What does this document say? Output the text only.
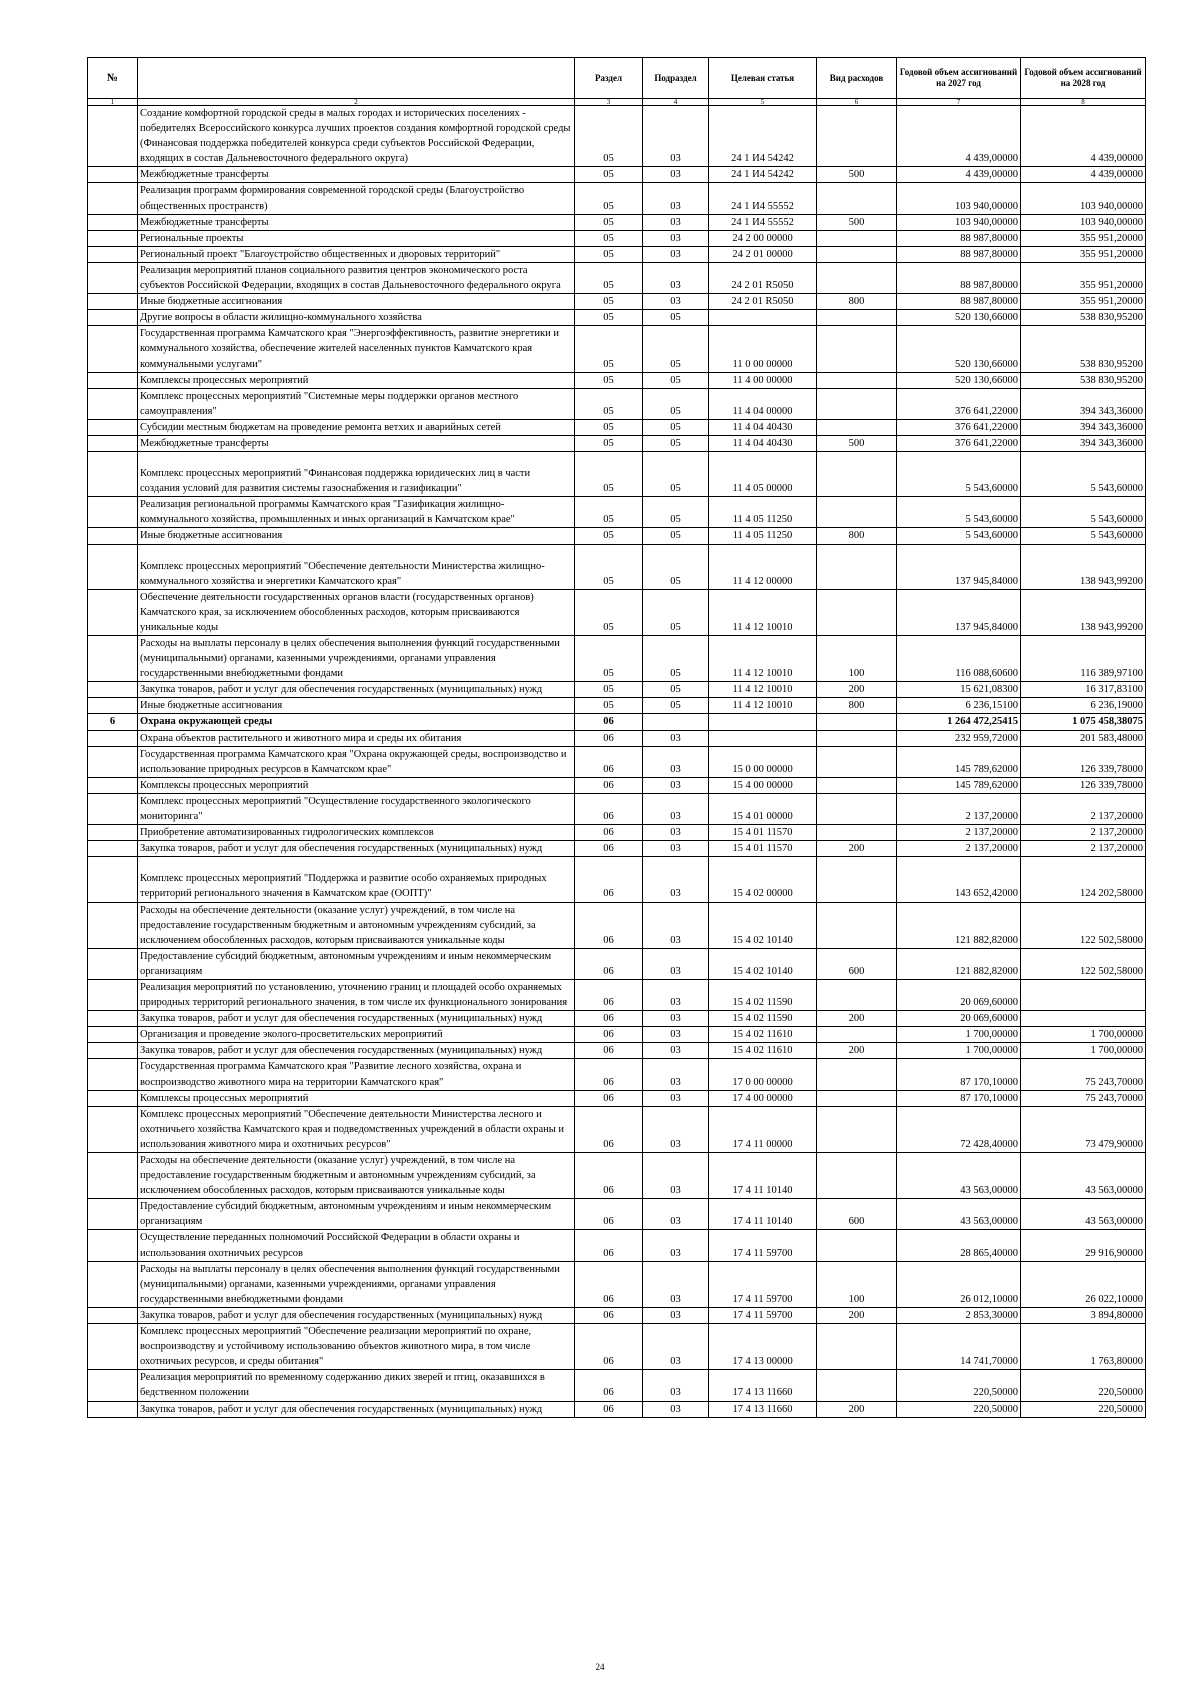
№		Раздел	Подраздел	Целевая статья	Вид расходов	Годовой объем ассигнований на 2027 год	Годовой объем ассигнований на 2028 год
1	2	3	4	5	6	7	8
	Создание комфортной городской среды в малых городах и исторических поселениях - победителях Всероссийского конкурса лучших проектов создания комфортной городской среды (Финансовая поддержка победителей конкурса среди субъектов Российской Федерации, входящих в состав Дальневосточного федерального округа)	05	03	24 1 И4 54242		4 439,00000	4 439,00000
	Межбюджетные трансферты	05	03	24 1 И4 54242	500	4 439,00000	4 439,00000
	Реализация программ формирования современной городской среды (Благоустройство общественных пространств)	05	03	24 1 И4 55552		103 940,00000	103 940,00000
	Межбюджетные трансферты	05	03	24 1 И4 55552	500	103 940,00000	103 940,00000
	Региональные проекты	05	03	24 2 00 00000		88 987,80000	355 951,20000
	Региональный проект "Благоустройство общественных и дворовых территорий"	05	03	24 2 01 00000		88 987,80000	355 951,20000
	Реализация мероприятий планов социального развития центров экономического роста субъектов Российской Федерации, входящих в состав Дальневосточного федерального округа	05	03	24 2 01 R5050		88 987,80000	355 951,20000
	Иные бюджетные ассигнования	05	03	24 2 01 R5050	800	88 987,80000	355 951,20000
	Другие вопросы в области жилищно-коммунального хозяйства	05	05			520 130,66000	538 830,95200
	Государственная программа Камчатского края "Энергоэффективность, развитие энергетики и коммунального хозяйства, обеспечение жителей населенных пунктов Камчатского края коммунальными услугами"	05	05	11 0 00 00000		520 130,66000	538 830,95200
	Комплексы процессных мероприятий	05	05	11 4 00 00000		520 130,66000	538 830,95200
	Комплекс процессных мероприятий "Системные меры поддержки органов местного самоуправления"	05	05	11 4 04 00000		376 641,22000	394 343,36000
	Субсидии местным бюджетам на проведение ремонта ветхих и аварийных сетей	05	05	11 4 04 40430		376 641,22000	394 343,36000
	Межбюджетные трансферты	05	05	11 4 04 40430	500	376 641,22000	394 343,36000
	Комплекс процессных мероприятий "Финансовая поддержка юридических лиц в части создания условий для развития системы газоснабжения и газификации"	05	05	11 4 05 00000		5 543,60000	5 543,60000
	Реализация региональной программы Камчатского края "Газификация жилищно-коммунального хозяйства, промышленных и иных организаций в Камчатском крае"	05	05	11 4 05 11250		5 543,60000	5 543,60000
	Иные бюджетные ассигнования	05	05	11 4 05 11250	800	5 543,60000	5 543,60000
	Комплекс процессных мероприятий "Обеспечение деятельности Министерства жилищно-коммунального хозяйства и энергетики Камчатского края"	05	05	11 4 12 00000		137 945,84000	138 943,99200
	Обеспечение деятельности государственных органов власти (государственных органов) Камчатского края, за исключением обособленных расходов, которым присваиваются уникальные коды	05	05	11 4 12 10010		137 945,84000	138 943,99200
	Расходы на выплаты персоналу в целях обеспечения выполнения функций государственными (муниципальными) органами, казенными учреждениями, органами управления государственными внебюджетными фондами	05	05	11 4 12 10010	100	116 088,60600	116 389,97100
	Закупка товаров, работ и услуг для обеспечения государственных (муниципальных) нужд	05	05	11 4 12 10010	200	15 621,08300	16 317,83100
	Иные бюджетные ассигнования	05	05	11 4 12 10010	800	6 236,15100	6 236,19000
6	Охрана окружающей среды	06				1 264 472,25415	1 075 458,38075
	Охрана объектов растительного и животного мира и среды их обитания	06	03			232 959,72000	201 583,48000
	Государственная программа Камчатского края "Охрана окружающей среды, воспроизводство и использование природных ресурсов в Камчатском крае"	06	03	15 0 00 00000		145 789,62000	126 339,78000
	Комплексы процессных мероприятий	06	03	15 4 00 00000		145 789,62000	126 339,78000
	Комплекс процессных мероприятий "Осуществление государственного экологического мониторинга"	06	03	15 4 01 00000		2 137,20000	2 137,20000
	Приобретение автоматизированных гидрологических комплексов	06	03	15 4 01 11570		2 137,20000	2 137,20000
	Закупка товаров, работ и услуг для обеспечения государственных (муниципальных) нужд	06	03	15 4 01 11570	200	2 137,20000	2 137,20000
	Комплекс процессных мероприятий "Поддержка и развитие особо охраняемых природных территорий регионального значения в Камчатском крае (ООПТ)"	06	03	15 4 02 00000		143 652,42000	124 202,58000
	Расходы на обеспечение деятельности (оказание услуг) учреждений, в том числе на предоставление государственным бюджетным и автономным учреждениям субсидий, за исключением обособленных расходов, которым присваиваются уникальные коды	06	03	15 4 02 10140		121 882,82000	122 502,58000
	Предоставление субсидий бюджетным, автономным учреждениям и иным некоммерческим организациям	06	03	15 4 02 10140	600	121 882,82000	122 502,58000
	Реализация мероприятий по установлению, уточнению границ и площадей особо охраняемых природных территорий регионального значения, в том числе их функционального зонирования	06	03	15 4 02 11590		20 069,60000	
	Закупка товаров, работ и услуг для обеспечения государственных (муниципальных) нужд	06	03	15 4 02 11590	200	20 069,60000	
	Организация и проведение эколого-просветительских мероприятий	06	03	15 4 02 11610		1 700,00000	1 700,00000
	Закупка товаров, работ и услуг для обеспечения государственных (муниципальных) нужд	06	03	15 4 02 11610	200	1 700,00000	1 700,00000
	Государственная программа Камчатского края "Развитие лесного хозяйства, охрана и воспроизводство животного мира на территории Камчатского края"	06	03	17 0 00 00000		87 170,10000	75 243,70000
	Комплексы процессных мероприятий	06	03	17 4 00 00000		87 170,10000	75 243,70000
	Комплекс процессных мероприятий "Обеспечение деятельности Министерства лесного и охотничьего хозяйства Камчатского края и подведомственных учреждений в области охраны и использования животного мира и охотничьих ресурсов"	06	03	17 4 11 00000		72 428,40000	73 479,90000
	Расходы на обеспечение деятельности (оказание услуг) учреждений, в том числе на предоставление государственным бюджетным и автономным учреждениям субсидий, за исключением обособленных расходов, которым присваиваются уникальные коды	06	03	17 4 11 10140		43 563,00000	43 563,00000
	Предоставление субсидий бюджетным, автономным учреждениям и иным некоммерческим организациям	06	03	17 4 11 10140	600	43 563,00000	43 563,00000
	Осуществление переданных полномочий Российской Федерации в области охраны и использования охотничьих ресурсов	06	03	17 4 11 59700		28 865,40000	29 916,90000
	Расходы на выплаты персоналу в целях обеспечения выполнения функций государственными (муниципальными) органами, казенными учреждениями, органами управления государственными внебюджетными фондами	06	03	17 4 11 59700	100	26 012,10000	26 022,10000
	Закупка товаров, работ и услуг для обеспечения государственных (муниципальных) нужд	06	03	17 4 11 59700	200	2 853,30000	3 894,80000
	Комплекс процессных мероприятий "Обеспечение реализации мероприятий по охране, воспроизводству и устойчивому использованию объектов животного мира, в том числе охотничьих ресурсов, и среды обитания"	06	03	17 4 13 00000		14 741,70000	1 763,80000
	Реализация мероприятий по временному содержанию диких зверей и птиц, оказавшихся в бедственном положении	06	03	17 4 13 11660		220,50000	220,50000
	Закупка товаров, работ и услуг для обеспечения государственных (муниципальных) нужд	06	03	17 4 13 11660	200	220,50000	220,50000
24
